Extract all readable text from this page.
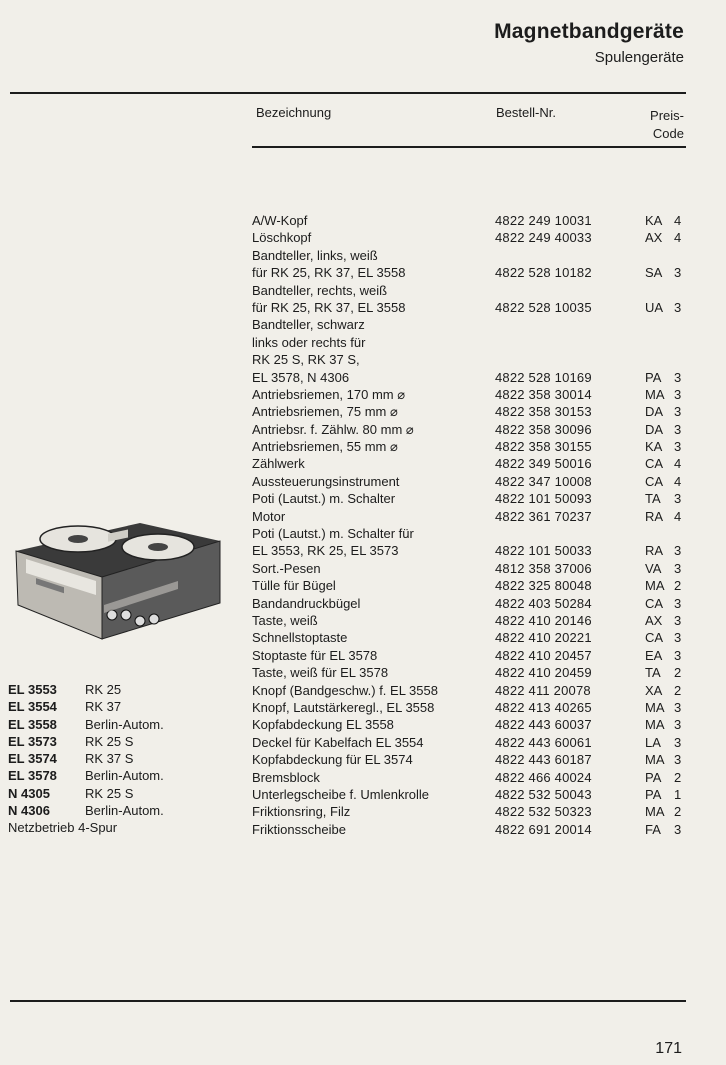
Magnetbandgeräte
Spulengeräte
Bezeichnung	Bestell-Nr.	Preis-
Code
A/W-Kopf	4822 249 10031	KA 4
Löschkopf	4822 249 40033	AX 4
Bandteller, links, weiß
für RK 25, RK 37, EL 3558	4822 528 10182	SA 3
Bandteller, rechts, weiß
für RK 25, RK 37, EL 3558	4822 528 10035	UA 3
Bandteller, schwarz
links oder rechts für
RK 25 S, RK 37 S,
EL 3578, N 4306	4822 528 10169	PA 3
Antriebsriemen, 170 mm ⌀	4822 358 30014	MA 3
Antriebsriemen, 75 mm ⌀	4822 358 30153	DA 3
Antriebsr. f. Zählw. 80 mm ⌀	4822 358 30096	DA 3
Antriebsriemen, 55 mm ⌀	4822 358 30155	KA 3
Zählwerk	4822 349 50016	CA 4
Aussteuerungsinstrument	4822 347 10008	CA 4
Poti (Lautst.) m. Schalter	4822 101 50093	TA 3
Motor	4822 361 70237	RA 4
Poti (Lautst.) m. Schalter für
EL 3553, RK 25, EL 3573	4822 101 50033	RA 3
Sort.-Pesen	4812 358 37006	VA 3
Tülle für Bügel	4822 325 80048	MA 2
Bandandruckbügel	4822 403 50284	CA 3
Taste, weiß	4822 410 20146	AX 3
Schnellstoptaste	4822 410 20221	CA 3
Stoptaste für EL 3578	4822 410 20457	EA 3
Taste, weiß für EL 3578	4822 410 20459	TA 2
Knopf (Bandgeschw.) f. EL 3558	4822 411 20078	XA 2
Knopf, Lautstärkeregl., EL 3558	4822 413 40265	MA 3
Kopfabdeckung EL 3558	4822 443 60037	MA 3
Deckel für Kabelfach EL 3554	4822 443 60061	LA 3
Kopfabdeckung für EL 3574	4822 443 60187	MA 3
Bremsblock	4822 466 40024	PA 2
Unterlegscheibe f. Umlenkrolle	4822 532 50043	PA 1
Friktionsring, Filz	4822 532 50323	MA 2
Friktionsscheibe	4822 691 20014	FA 3
EL 3553 RK 25
EL 3554 RK 37
EL 3558 Berlin-Autom.
EL 3573 RK 25 S
EL 3574 RK 37 S
EL 3578 Berlin-Autom.
N 4305	RK 25 S
N 4306	Berlin-Autom.
Netzbetrieb 4-Spur
171
